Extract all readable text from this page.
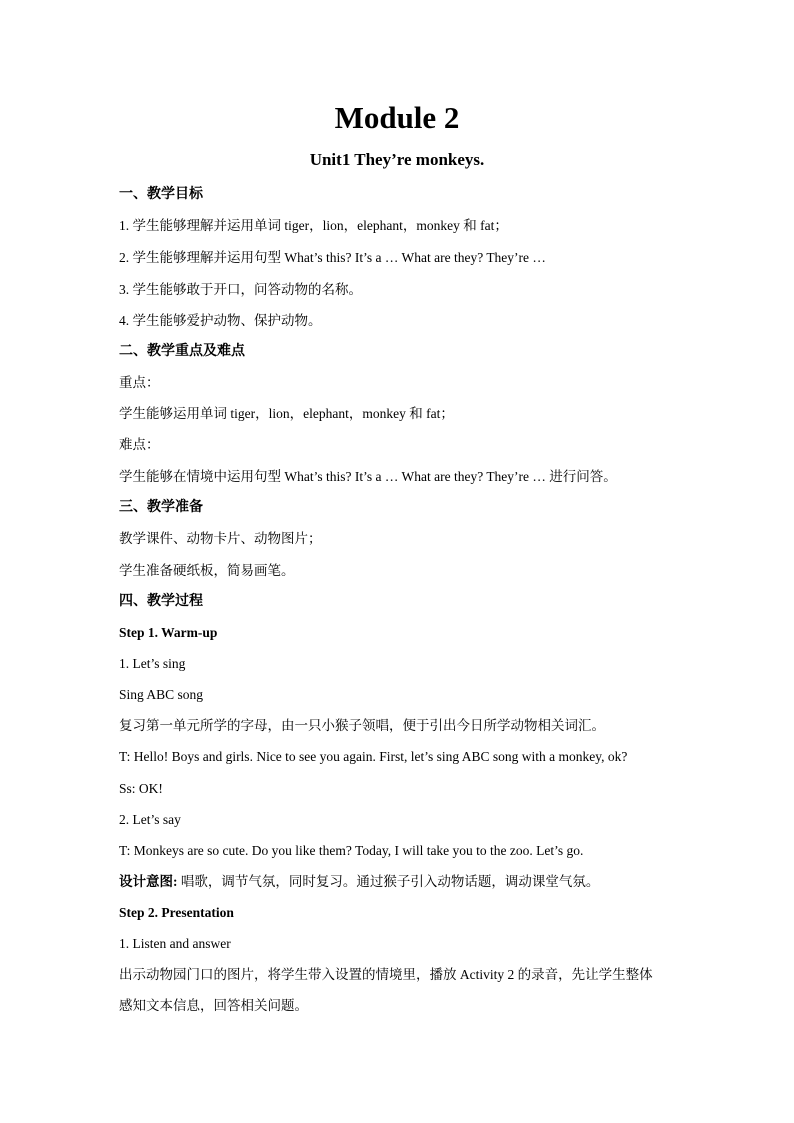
Module 2
Unit1 They’re monkeys.
一、教学目标
1. 学生能够理解并运用单词 tiger，lion，elephant，monkey 和 fat；
2. 学生能够理解并运用句型 What’s this? It’s a … What are they? They’re …
3. 学生能够敢于开口，问答动物的名称。
4. 学生能够爱护动物、保护动物。
二、教学重点及难点
重点：
学生能够运用单词 tiger，lion，elephant，monkey 和 fat；
难点：
学生能够在情境中运用句型 What’s this? It’s a … What are they? They’re … 进行问答。
三、教学准备
教学课件、动物卡片、动物图片；
学生准备硬纸板，简易画笔。
四、教学过程
Step 1. Warm-up
1. Let’s sing
Sing ABC song
复习第一单元所学的字母，由一只小猴子领唱，便于引出今日所学动物相关词汇。
T: Hello! Boys and girls. Nice to see you again. First, let’s sing ABC song with a monkey, ok?
Ss: OK!
2. Let’s say
T: Monkeys are so cute. Do you like them? Today, I will take you to the zoo. Let’s go.
设计意图: 唱歌，调节气氛，同时复习。通过猴子引入动物话题，调动课堂气氛。
Step 2. Presentation
1. Listen and answer
出示动物园门口的图片，将学生带入设置的情境里，播放 Activity 2 的录音，先让学生整体
感知文本信息，回答相关问题。
